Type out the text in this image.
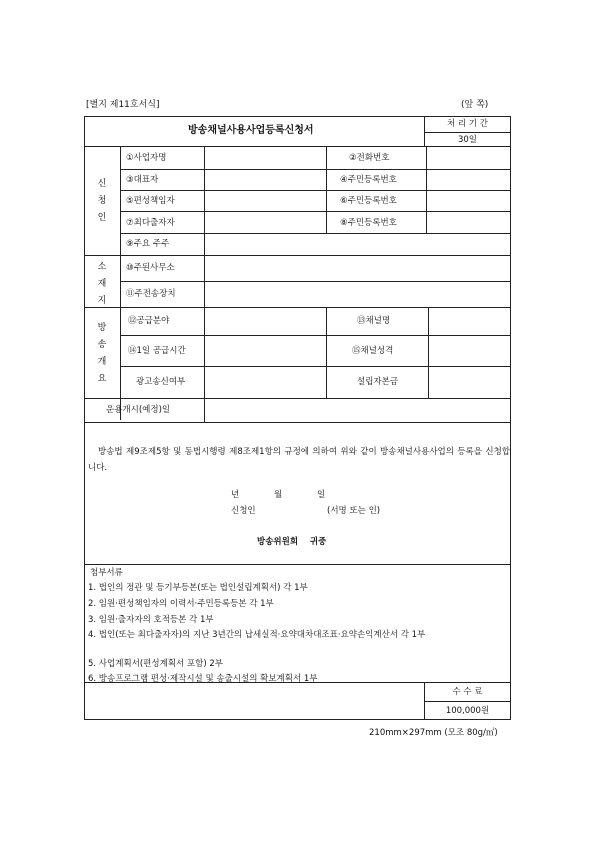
[별지 제11호서식]	(앞 쪽)
방송채널사용사업등록신청서
처 리 기 간
30일
신
청
인
①사업자명	②전화번호
③대표자	④주민등록번호
⑤편성책임자	⑥주민등록번호
⑦최다출자자	⑧주민등록번호
⑨주요 주주
소
재
지
⑩주된사무소
⑪주전송장치
방
송
개
요
⑫공급분야	⑬채널명
⑭1일 공급시간	⑮채널성격
광고송신여부	설립자본금
운용개시(예정)일
방송법 제9조제5항 및 동법시행령 제8조제1항의 규정에 의하여 위와 같이 방송채널사용사업의 등록을 신청합니다.
년	월	일
신청인	(서명 또는 인)
방송위원회    귀중
첨부서류
1. 법인의 정관 및 등기부등본(또는 법인설립계획서) 각 1부
2. 임원·편성책임자의 이력서·주민등록등본 각 1부
3. 임원·출자자의 호적등본 각 1부
4. 법인(또는 최다출자자)의 지난 3년간의 납세실적·요약대차대조표·요약손익계산서 각 1부
5. 사업계획서(편성계획서 포함) 2부
6. 방송프로그램 편성·제작시설 및 송출시설의 확보계획서 1부
수 수 료
100,000원
210mm×297mm (모조 80g/㎡)
